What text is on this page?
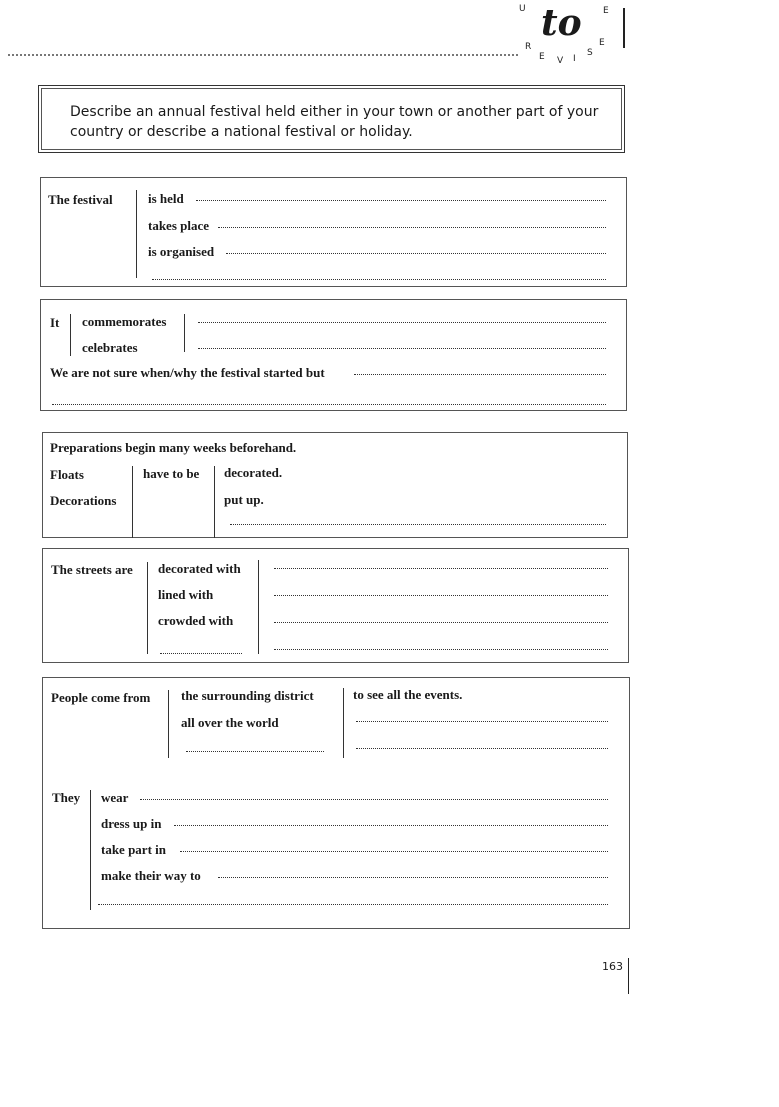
U	E
R
E V I
S
E
to
Describe an annual festival held either in your town or another part of your
country or describe a national festival or holiday.
The festival	is held
takes place
is organised
It commemorates
celebrates
We are not sure when/why the festival started but
Preparations begin many weeks beforehand.
Floats
Decorations
have to be decorated.
put up.
The streets are decorated with
lined with
crowded with
People come from the surrounding district
all over the world
to see all the events.
They wear
dress up in
take part in
make their way to
163
